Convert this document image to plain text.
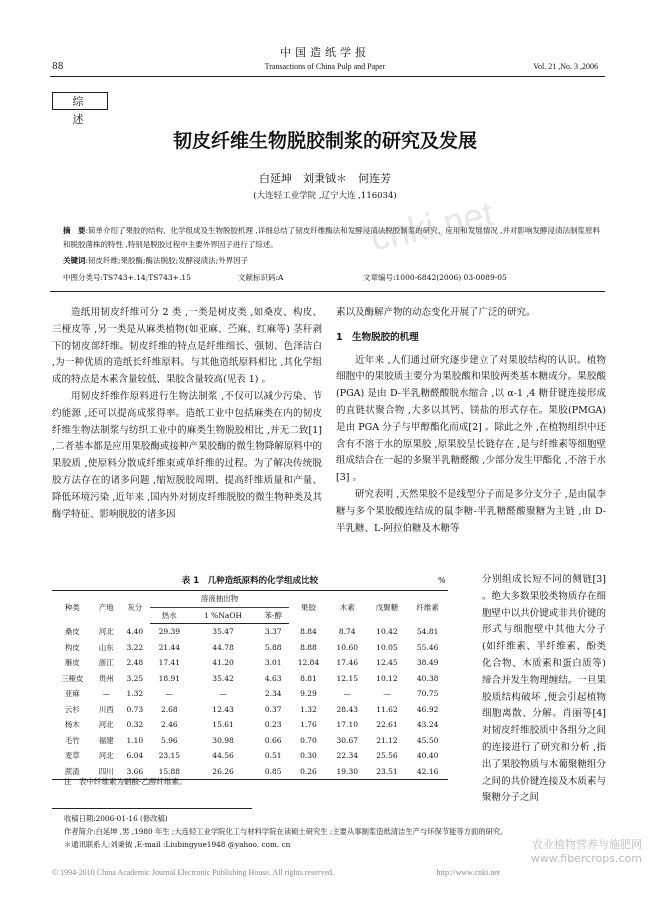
中国造纸学报
88	Transactions of China Pulp and Paper	Vol. 21 ,No. 3 ,2006
cnki.net
综　述
韧皮纤维生物脱胶制浆的研究及发展
白延坤　刘秉钺＊　何连芳
(大连轻工业学院 ,辽宁大连 ,116034)
摘　要:简单介绍了果胶的结构、化学组成及生物脱胶机理 ,详细总结了韧皮纤维酶法和发酵浸渍法脱胶制浆的研究、应用和发展情况 ,并对影响发酵浸渍法制浆原料和脱胶菌株的特性 ,特别是脱胶过程中主要外界因子进行了综述。
关键词:韧皮纤维;果胶酶;酶法脱胶;发酵浸渍法;外界因子
中图分类号:TS743+.14;TS743+.15	文献标识码:A	文章编号:1000-6842(2006) 03-0089-05

造纸用韧皮纤维可分 2 类 ,一类是树皮类 ,如桑皮、构皮、三桠皮等 ,另一类是从麻类植物(如亚麻、苎麻、红麻等) 茎秆剥下的韧皮部纤维。韧皮纤维的特点是纤维细长、强韧、色泽洁白 ,为一种优质的造纸长纤维原料。与其他造纸原料相比 ,其化学组成的特点是木素含量较低、果胶含量较高(见表 1) 。

用韧皮纤维作原料进行生物法制浆 ,不仅可以减少污染、节约能源 ,还可以提高成浆得率。造纸工业中包括麻类在内的韧皮纤维生物法制浆与纺织工业中的麻类生物脱胶相比 ,并无二致[1] ,二者基本都是应用果胶酶或接种产果胶酶的微生物降解原料中的果胶质 ,使原料分散成纤维束或单纤维的过程。为了解决传统脱胶方法存在的诸多问题 ,缩短脱胶周期、提高纤维质量和产量、降低环境污染 ,近年来 ,国内外对韧皮纤维脱胶的微生物种类及其酶学特征、影响脱胶的诸多因

素以及酶解产物的动态变化开展了广泛的研究。

1　生物脱胶的机理

近年来 ,人们通过研究逐步建立了对果胶结构的认识。植物细胞中的果胶质主要分为果胶酸和果胶两类基本糖成分。果胶酸(PGA) 是由 D-半乳糖醛酸脱水缩合 ,以 α-1 ,4 糖苷键连接形成的直链状聚合物 ,大多以其钙、镁盐的形式存在。果胶(PMGA) 是由 PGA 分子与甲醇酯化而成[2] 。除此之外 ,在植物组织中还含有不溶于水的原果胶 ,原果胶呈长链存在 ,是与纤维素等细胞壁组成结合在一起的多聚半乳糖醛酸 ,少部分发生甲酯化 ,不溶于水[3] 。

研究表明 ,天然果胶不是线型分子而是多分支分子 ,是由鼠李糖与多个果胶酸连结成的鼠李糖-半乳糖醛酸聚糖为主链 ,由 D-半乳糖、L-阿拉伯糖及木糖等

分别组成长短不同的侧链[3] 。绝大多数果胶类物质存在细胞壁中以共价键或非共价键的形式与细胞壁中其他大分子(如纤维素、半纤维素、酚类化合物、木质素和蛋白质等) 缔合并发生物理缠结。一旦果胶质结构破坏 ,便会引起植物细胞离散、分解。肖丽等[4] 对韧皮纤维胶质中各组分之间的连接进行了研究和分析 ,指出了果胶物质与木葡聚糖组分之间的共价键连接及木质素与聚糖分子之间

表 1　几种造纸原料的化学组成比较	%
种类	产地	灰分	溶液抽出物			果胶	木素	戊聚糖	纤维素
			热水	1 %NaOH	苯-醇				
桑皮	河北	4.40	29.39	35.47	3.37	8.84	8.74	10.42	54.81
构皮	山东	3.22	21.44	44.78	5.88	8.88	10.60	10.05	55.46
雁皮	浙江	2.48	17.41	41.20	3.01	12.84	17.46	12.45	38.49
三桠皮	贵州	3.25	18.91	35.42	4.63	8.81	12.15	10.12	40.38
亚麻	—	1.32	—	—	2.34	9.29	—	—	70.75
云杉	川西	0.73	2.68	12.43	0.37	1.32	28.43	11.62	46.92
杨木	河北	0.32	2.46	15.61	0.23	1.76	17.10	22.61	43.24
毛竹	福建	1.10	5.96	30.98	0.66	0.70	30.67	21.12	45.50
麦草	河北	6.04	23.15	44.56	0.51	0.30	22.34	25.56	40.40
蔗渣	四川	3.66	15.88	26.26	0.85	0.26	19.30	23.51	42.16
注　表中纤维素为硝酸-乙醇纤维素。
收稿日期:2006-01-16 (修改稿)
作者简介:白延坤 ,男 ,1980 年生 ;大连轻工业学院化工与材料学院在读硕士研究生 ;主要从事制浆造纸清洁生产与环保节能等方面的研究。
＊通讯联系人:刘秉钺 ,E-mail :Liubingyue1948 @yahoo. com. cn
© 1994-2010 China Academic Journal Electronic Publishing House. All rights reserved.	http://www.cnki.net
农业植物营养与施肥网
www.fibercrops.com
